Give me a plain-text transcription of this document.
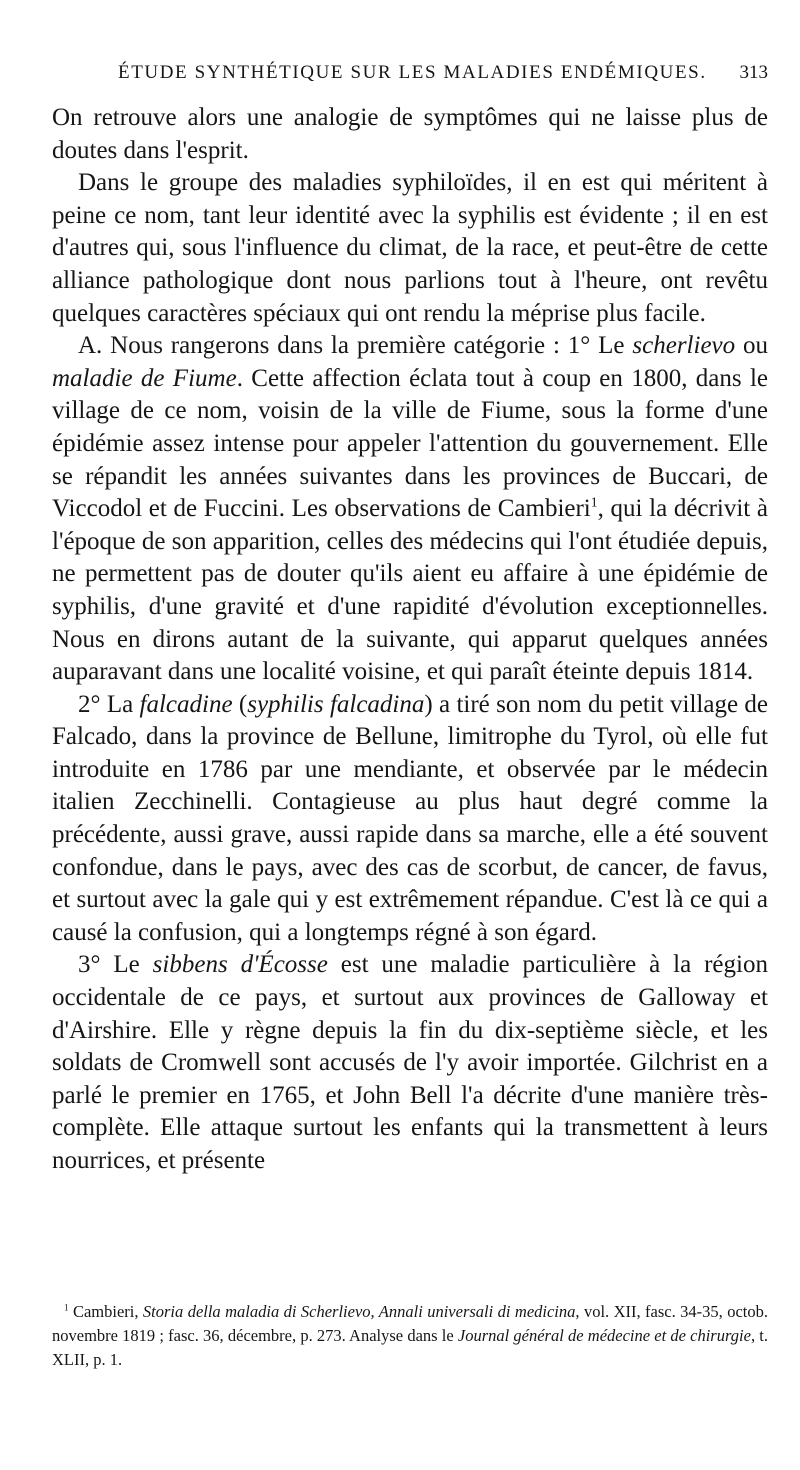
ÉTUDE SYNTHÉTIQUE SUR LES MALADIES ENDÉMIQUES. 313

On retrouve alors une analogie de symptômes qui ne laisse plus de doutes dans l'esprit.

Dans le groupe des maladies syphiloïdes, il en est qui méritent à peine ce nom, tant leur identité avec la syphilis est évidente ; il en est d'autres qui, sous l'influence du climat, de la race, et peut-être de cette alliance pathologique dont nous parlions tout à l'heure, ont revêtu quelques caractères spéciaux qui ont rendu la méprise plus facile.

A. Nous rangerons dans la première catégorie : 1° Le scherlievo ou maladie de Fiume. Cette affection éclata tout à coup en 1800, dans le village de ce nom, voisin de la ville de Fiume, sous la forme d'une épidémie assez intense pour appeler l'attention du gouvernement. Elle se répandit les années suivantes dans les provinces de Buccari, de Viccodol et de Fuccini. Les observations de Cambieri$^1$, qui la décrivit à l'époque de son apparition, celles des médecins qui l'ont étudiée depuis, ne permettent pas de douter qu'ils aient eu affaire à une épidémie de syphilis, d'une gravité et d'une rapidité d'évolution exceptionnelles. Nous en dirons autant de la suivante, qui apparut quelques années auparavant dans une localité voisine, et qui paraît éteinte depuis 1814.

2° La falcadine (syphilis falcadina) a tiré son nom du petit village de Falcado, dans la province de Bellune, limitrophe du Tyrol, où elle fut introduite en 1786 par une mendiante, et observée par le médecin italien Zecchinelli. Contagieuse au plus haut degré comme la précédente, aussi grave, aussi rapide dans sa marche, elle a été souvent confondue, dans le pays, avec des cas de scorbut, de cancer, de favus, et surtout avec la gale qui y est extrêmement répandue. C'est là ce qui a causé la confusion, qui a longtemps régné à son égard.

3° Le sibbens d'Écosse est une maladie particulière à la région occidentale de ce pays, et surtout aux provinces de Galloway et d'Airshire. Elle y règne depuis la fin du dix-septième siècle, et les soldats de Cromwell sont accusés de l'y avoir importée. Gilchrist en a parlé le premier en 1765, et John Bell l'a décrite d'une manière très-complète. Elle attaque surtout les enfants qui la transmettent à leurs nourrices, et présente

$^1$ Cambieri, Storia della maladia di Scherlievo, Annali universali di medicina, vol. XII, fasc. 34-35, octob. novembre 1819 ; fasc. 36, décembre, p. 273. Analyse dans le Journal général de médecine et de chirurgie, t. XLII, p. 1.
